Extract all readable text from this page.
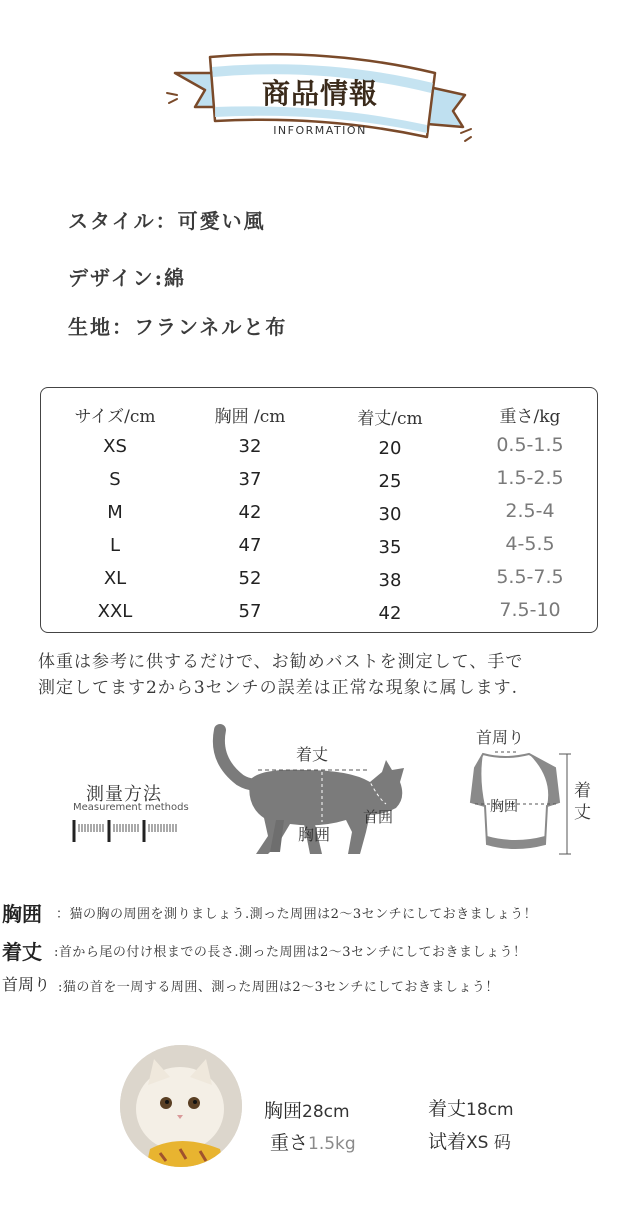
商品情報
INFORMATION
スタイル：可愛い風
デザイン:綿
生地：フランネルと布
サイズ/cm	胸囲 /cm	着丈/cm	重さ/kg
XS	32	20	0.5-1.5
S	37	25	1.5-2.5
M	42	30	2.5-4
L	47	35	4-5.5
XL	52	38	5.5-7.5
XXL	57	42	7.5-10
体重は参考に供するだけで、お勧めバストを測定して、手で
測定してます2から3センチの誤差は正常な現象に属します.
測量方法
Measurement methods
着丈
首囲
胸囲
首周り
胸囲
着丈
胸囲 ：猫の胸の周囲を測りましょう.測った周囲は2〜3センチにしておきましょう！
着丈 :首から尾の付け根までの長さ.測った周囲は2〜3センチにしておきましょう！
首周り :猫の首を一周する周囲、測った周囲は2〜3センチにしておきましょう！
胸囲28cm	着丈18cm
重さ1.5kg	试着XS 码
